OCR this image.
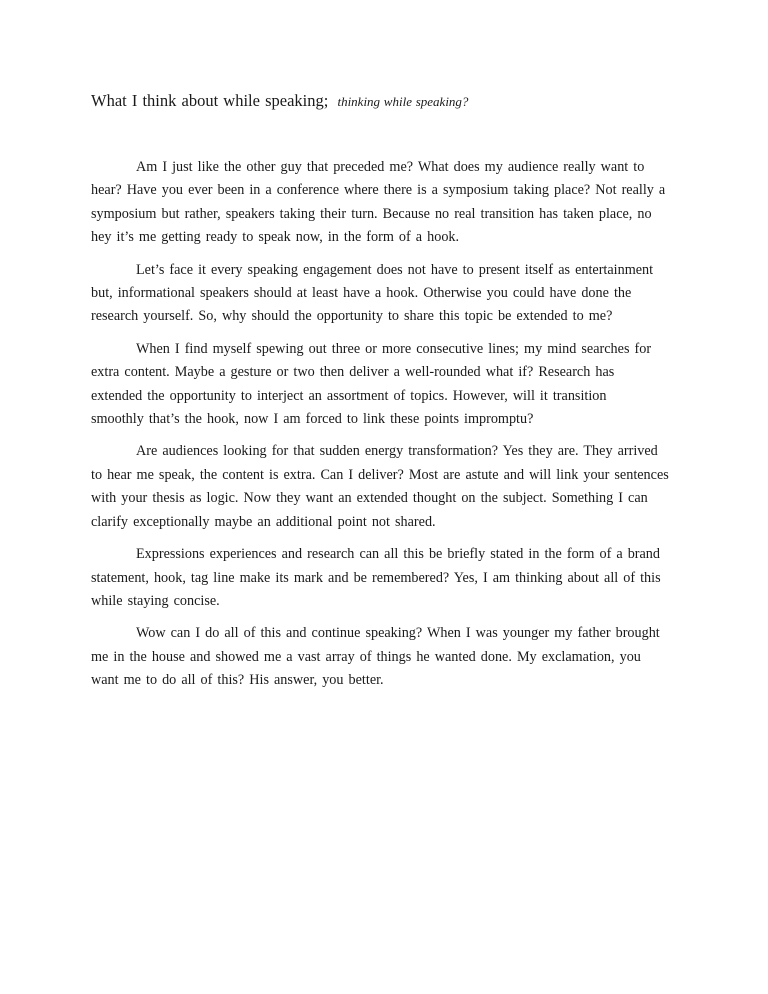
What I think about while speaking; thinking while speaking?
Am I just like the other guy that preceded me? What does my audience really want to
hear? Have you ever been in a conference where there is a symposium taking place? Not really a
symposium but rather, speakers taking their turn. Because no real transition has taken place, no
hey it’s me getting ready to speak now, in the form of a hook.
Let’s face it every speaking engagement does not have to present itself as entertainment
but, informational speakers should at least have a hook. Otherwise you could have done the
research yourself. So, why should the opportunity to share this topic be extended to me?
When I find myself spewing out three or more consecutive lines; my mind searches for
extra content. Maybe a gesture or two then deliver a well-rounded what if? Research has
extended the opportunity to interject an assortment of topics. However, will it transition
smoothly that’s the hook, now I am forced to link these points impromptu?
Are audiences looking for that sudden energy transformation? Yes they are. They arrived
to hear me speak, the content is extra. Can I deliver? Most are astute and will link your sentences
with your thesis as logic. Now they want an extended thought on the subject. Something I can
clarify exceptionally maybe an additional point not shared.
Expressions experiences and research can all this be briefly stated in the form of a brand
statement, hook, tag line make its mark and be remembered? Yes, I am thinking about all of this
while staying concise.
Wow can I do all of this and continue speaking? When I was younger my father brought
me in the house and showed me a vast array of things he wanted done. My exclamation, you
want me to do all of this? His answer, you better.
